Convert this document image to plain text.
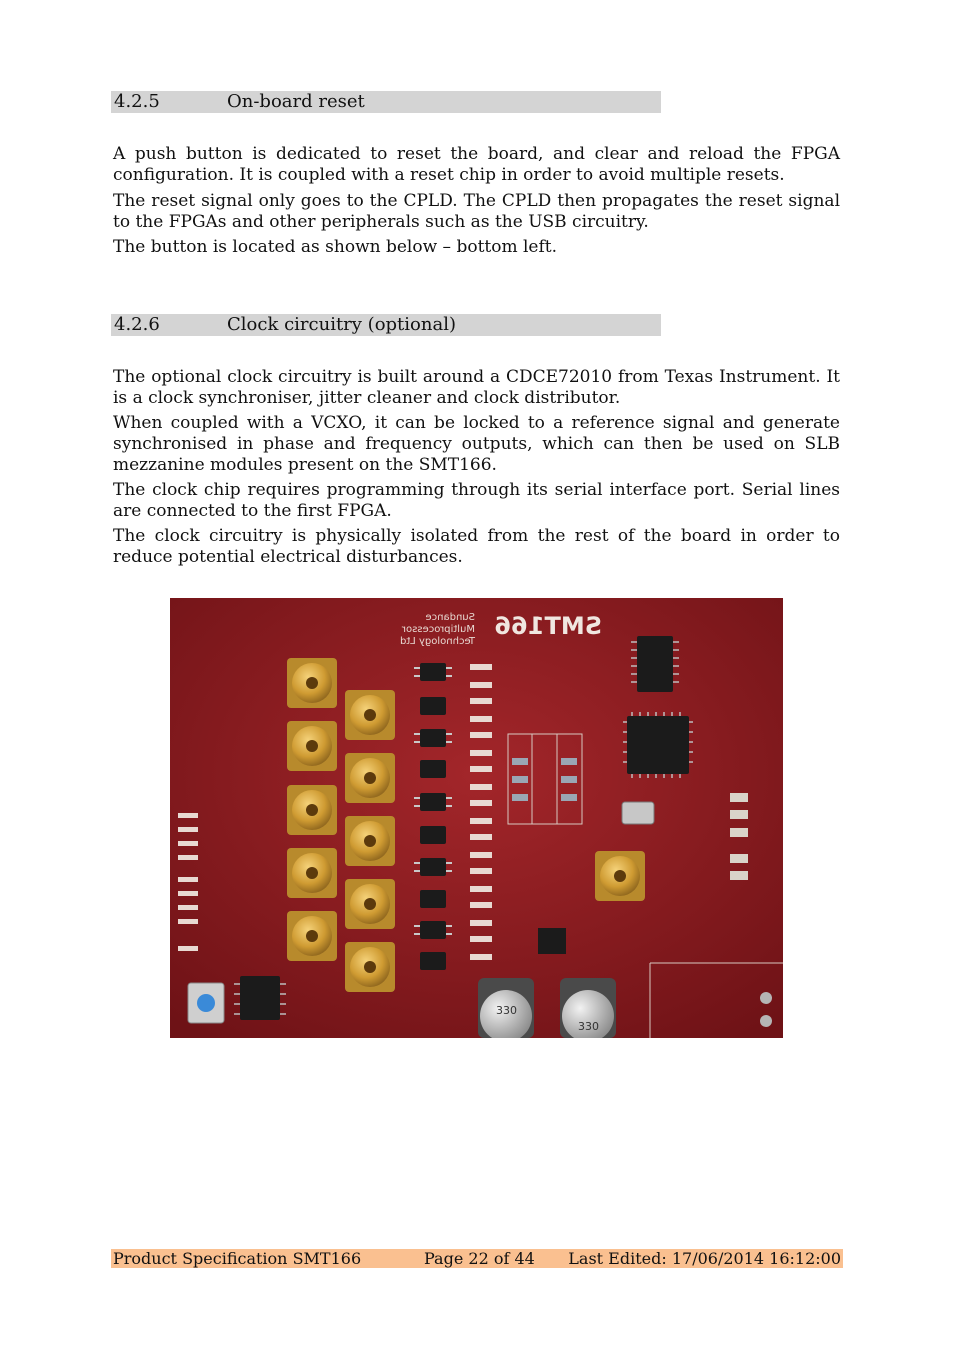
4.2.5	On-board reset

A push button is dedicated to reset the board, and clear and reload the FPGA configuration. It is coupled with a reset chip in order to avoid multiple resets.

The reset signal only goes to the CPLD. The CPLD then propagates the reset signal to the FPGAs and other peripherals such as the USB circuitry.

The button is located as shown below – bottom left.

4.2.6	Clock circuitry (optional)

The optional clock circuitry is built around a CDCE72010 from Texas Instrument. It is a clock synchroniser, jitter cleaner and clock distributor.

When coupled with a VCXO, it can be locked to a reference signal and generate synchronised in phase and frequency outputs, which can then be used on SLB mezzanine modules present on the SMT166.

The clock chip requires programming through its serial interface port. Serial lines are connected to the first FPGA.

The clock circuitry is physically isolated from the rest of the board in order to reduce potential electrical disturbances.

SMT166
Sundance
Multiprocessor
Technology Ltd
330
330
Product Specification SMT166	Page 22 of 44 Last Edited: 17/06/2014 16:12:00
